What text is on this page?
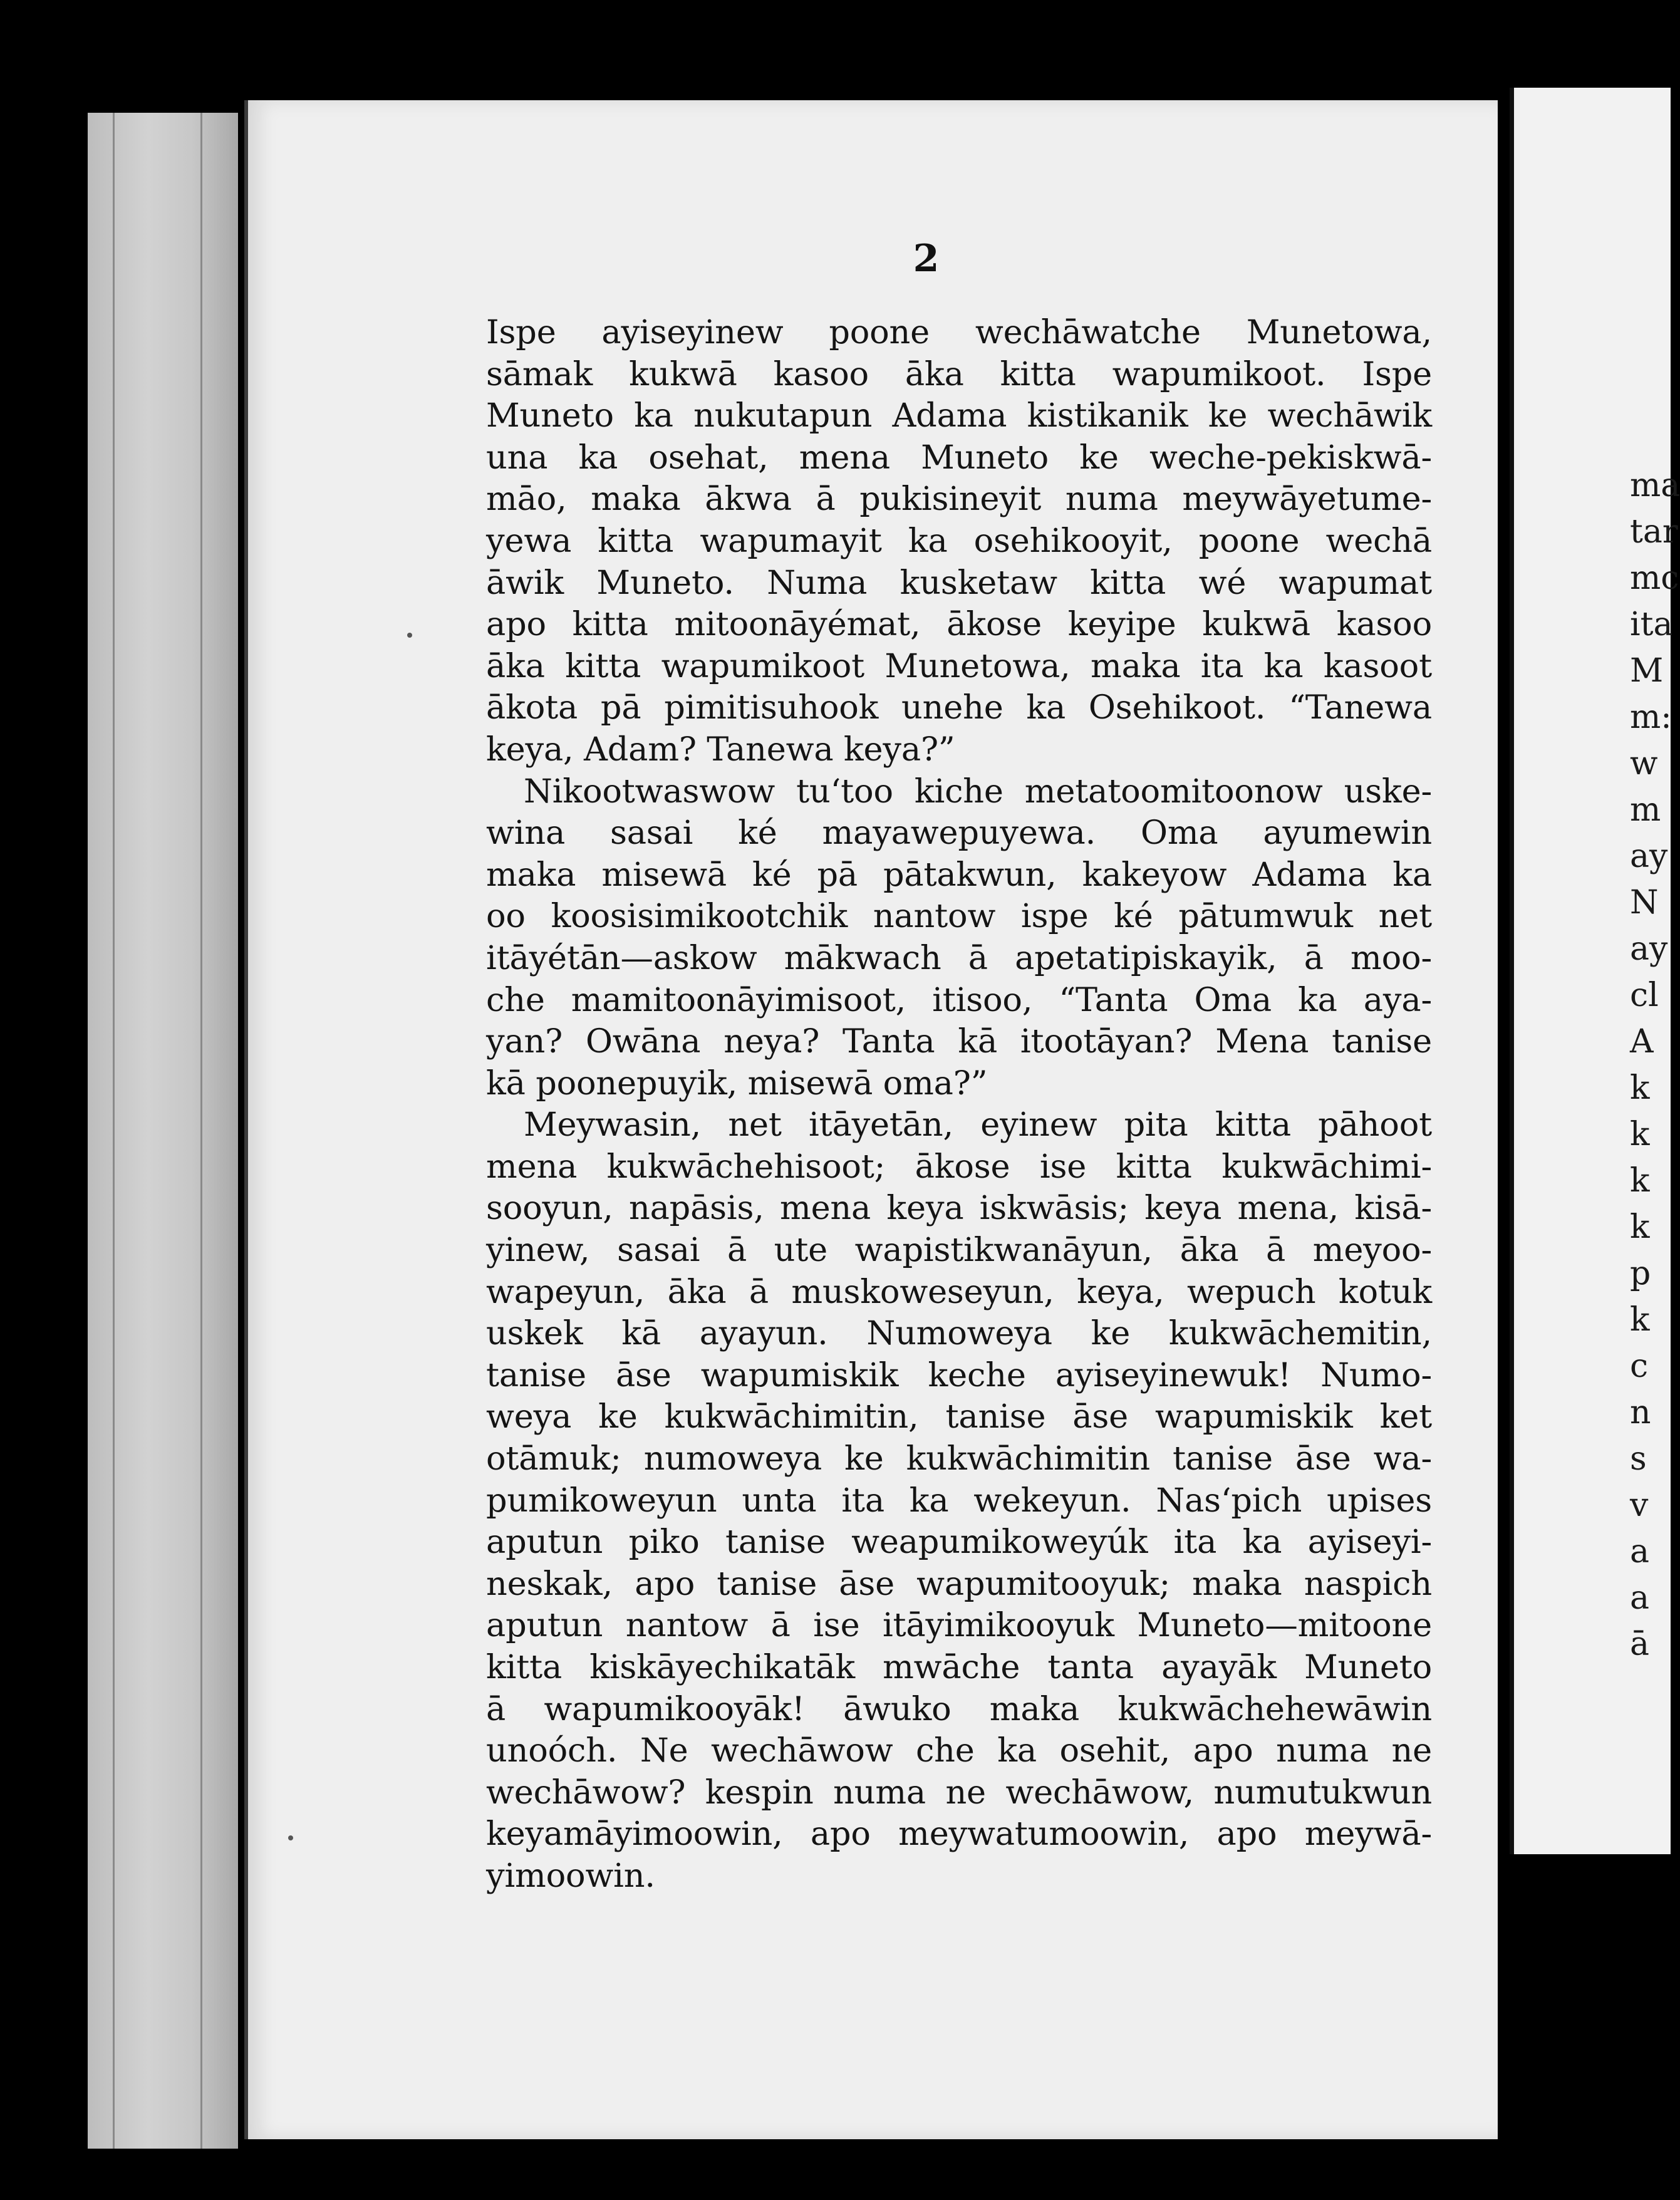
2
Ispe ayiseyinew poone wechāwatche Munetowa,
sāmak kukwā kasoo āka kitta wapumikoot. Ispe
Muneto ka nukutapun Adama kistikanik ke wechāwik
una ka osehat, mena Muneto ke weche-pekiskwā-
māo, maka ākwa ā pukisineyit numa meywāyetume-
yewa kitta wapumayit ka osehikooyit, poone wechā
āwik Muneto. Numa kusketaw kitta wé wapumat
apo kitta mitoonāyémat, ākose keyipe kukwā kasoo
āka kitta wapumikoot Munetowa, maka ita ka kasoot
ākota pā pimitisuhook unehe ka Osehikoot. “Tanewa
keya, Adam? Tanewa keya?”
Nikootwaswow tu‘too kiche metatoomitoonow uske-
wina sasai ké mayawepuyewa. Oma ayumewin
maka misewā ké pā pātakwun, kakeyow Adama ka
oo koosisimikootchik nantow ispe ké pātumwuk net
itāyétān—askow mākwach ā apetatipiskayik, ā moo-
che mamitoonāyimisoot, itisoo, “Tanta Oma ka aya-
yan? Owāna neya? Tanta kā itootāyan? Mena tanise
kā poonepuyik, misewā oma?”
Meywasin, net itāyetān, eyinew pita kitta pāhoot
mena kukwāchehisoot; ākose ise kitta kukwāchimi-
sooyun, napāsis, mena keya iskwāsis; keya mena, kisā-
yinew, sasai ā ute wapistikwanāyun, āka ā meyoo-
wapeyun, āka ā muskoweseyun, keya, wepuch kotuk
uskek kā ayayun. Numoweya ke kukwāchemitin,
tanise āse wapumiskik keche ayiseyinewuk! Numo-
weya ke kukwāchimitin, tanise āse wapumiskik ket
otāmuk; numoweya ke kukwāchimitin tanise āse wa-
pumikoweyun unta ita ka wekeyun. Nas‘pich upises
aputun piko tanise weapumikoweyúk ita ka ayiseyi-
neskak, apo tanise āse wapumitooyuk; maka naspich
aputun nantow ā ise itāyimikooyuk Muneto—mitoone
kitta kiskāyechikatāk mwāche tanta ayayāk Muneto
ā wapumikooyāk! āwuko maka kukwāchehewāwin
unoóch. Ne wechāwow che ka osehit, apo numa ne
wechāwow? kespin numa ne wechāwow, numutukwun
keyamāyimoowin, apo meywatumoowin, apo meywā-
yimoowin.
ma
tar
mc
ita
M
m:
w
m
ay
N
ay
cl
A
k
k
k
k
p
k
c
n
s
v
a
a
ā
